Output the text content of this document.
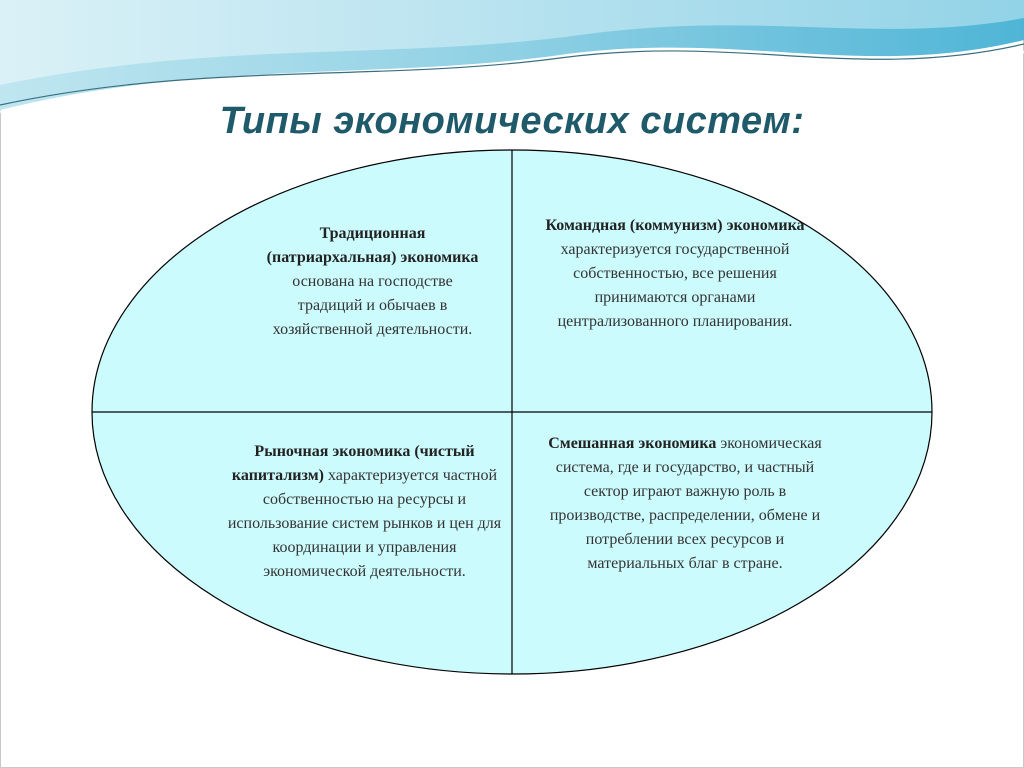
Типы экономических систем:
Традиционная (патриархальная) экономика основана на господстве традиций и обычаев в хозяйственной деятельности.
Командная (коммунизм) экономика характеризуется государственной собственностью, все решения принимаются органами централизованного планирования.
Рыночная экономика (чистый капитализм) характеризуется частной собственностью на ресурсы и использование систем рынков и цен для координации и управления экономической деятельности.
Смешанная экономика экономическая система, где и государство, и частный сектор играют важную роль в производстве, распределении, обмене и потреблении всех ресурсов и материальных благ в стране.
